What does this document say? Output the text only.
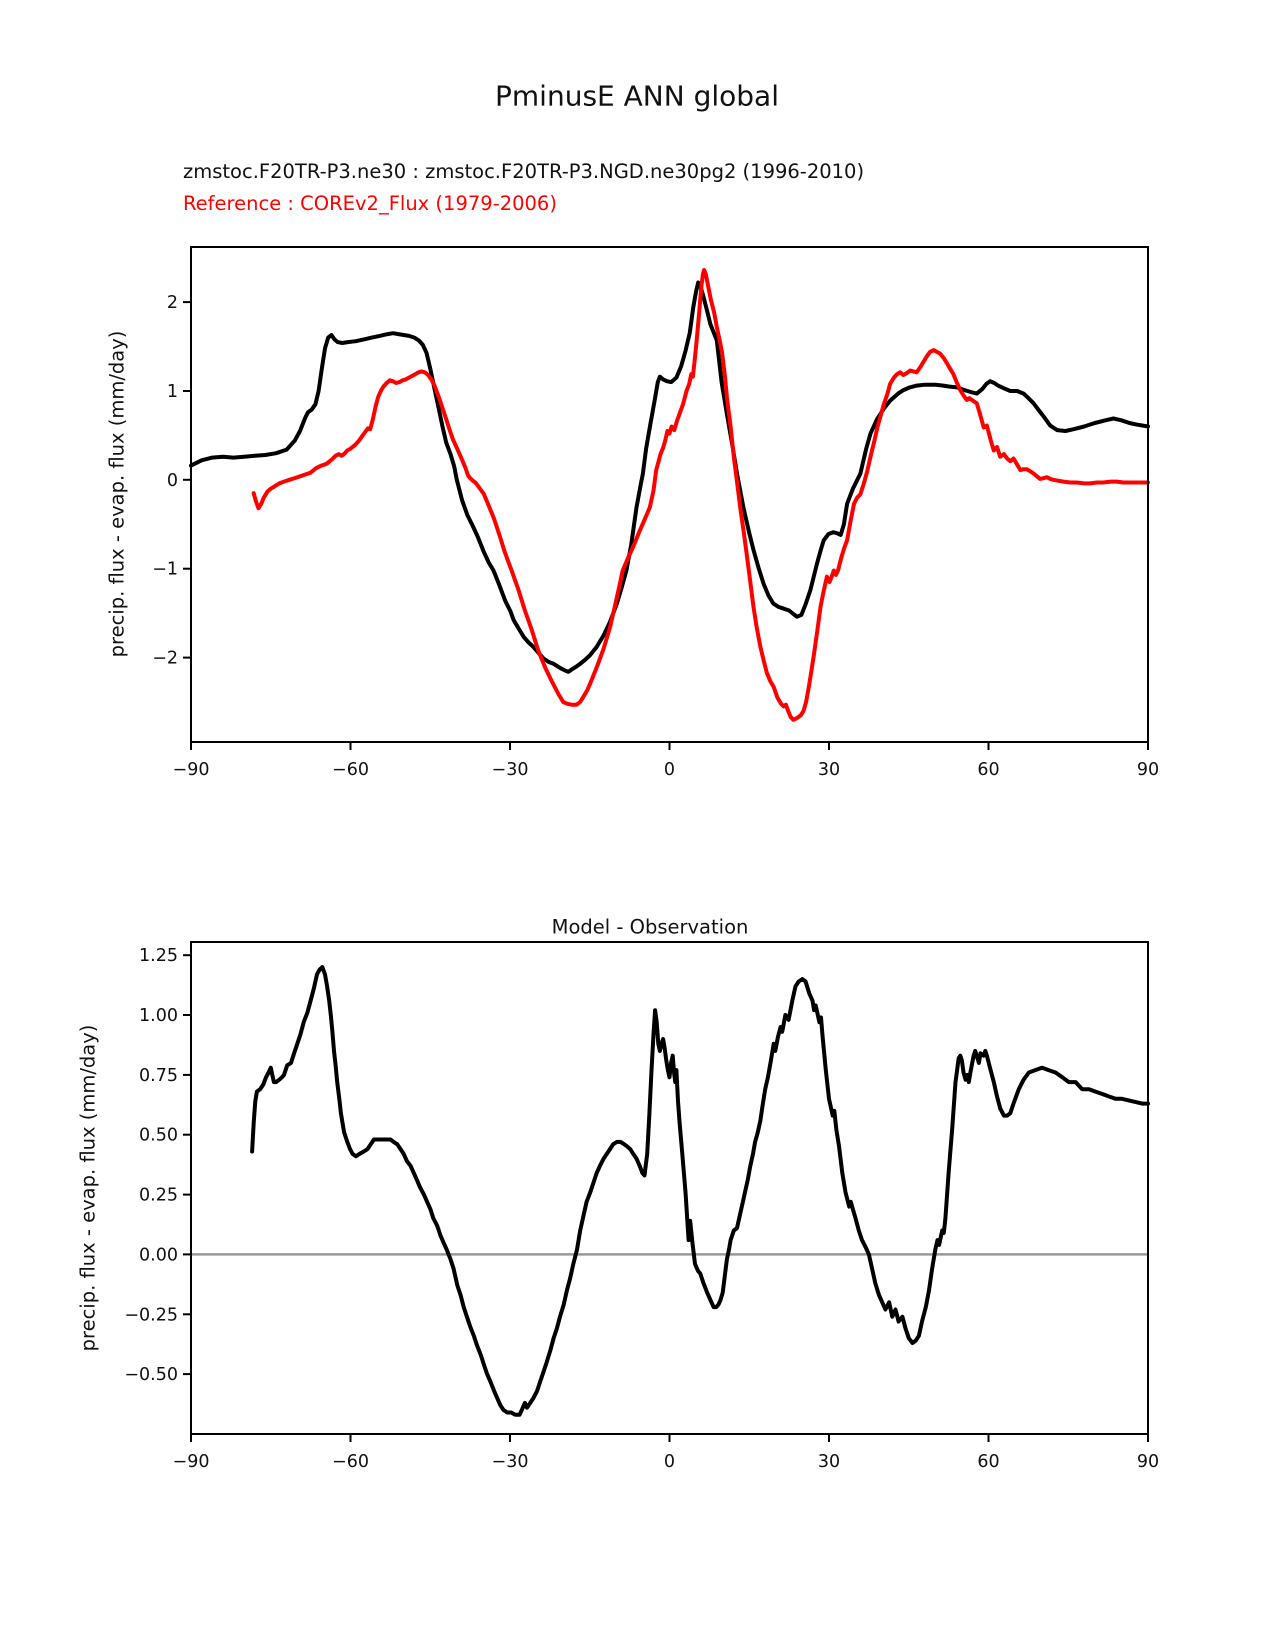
PminusE ANN global
zmstoc.F20TR-P3.ne30 : zmstoc.F20TR-P3.NGD.ne30pg2 (1996-2010)
Reference : COREv2_Flux (1979-2006)
Model - Observation
precip. flux - evap. flux (mm/day)
precip. flux - evap. flux (mm/day)
−90	−60	−30	0	30	60	90
−2
−1
0
1
2
−90	−60	−30	0	30	60	90
−0.50
−0.25
0.00
0.25
0.50
0.75
1.00
1.25
